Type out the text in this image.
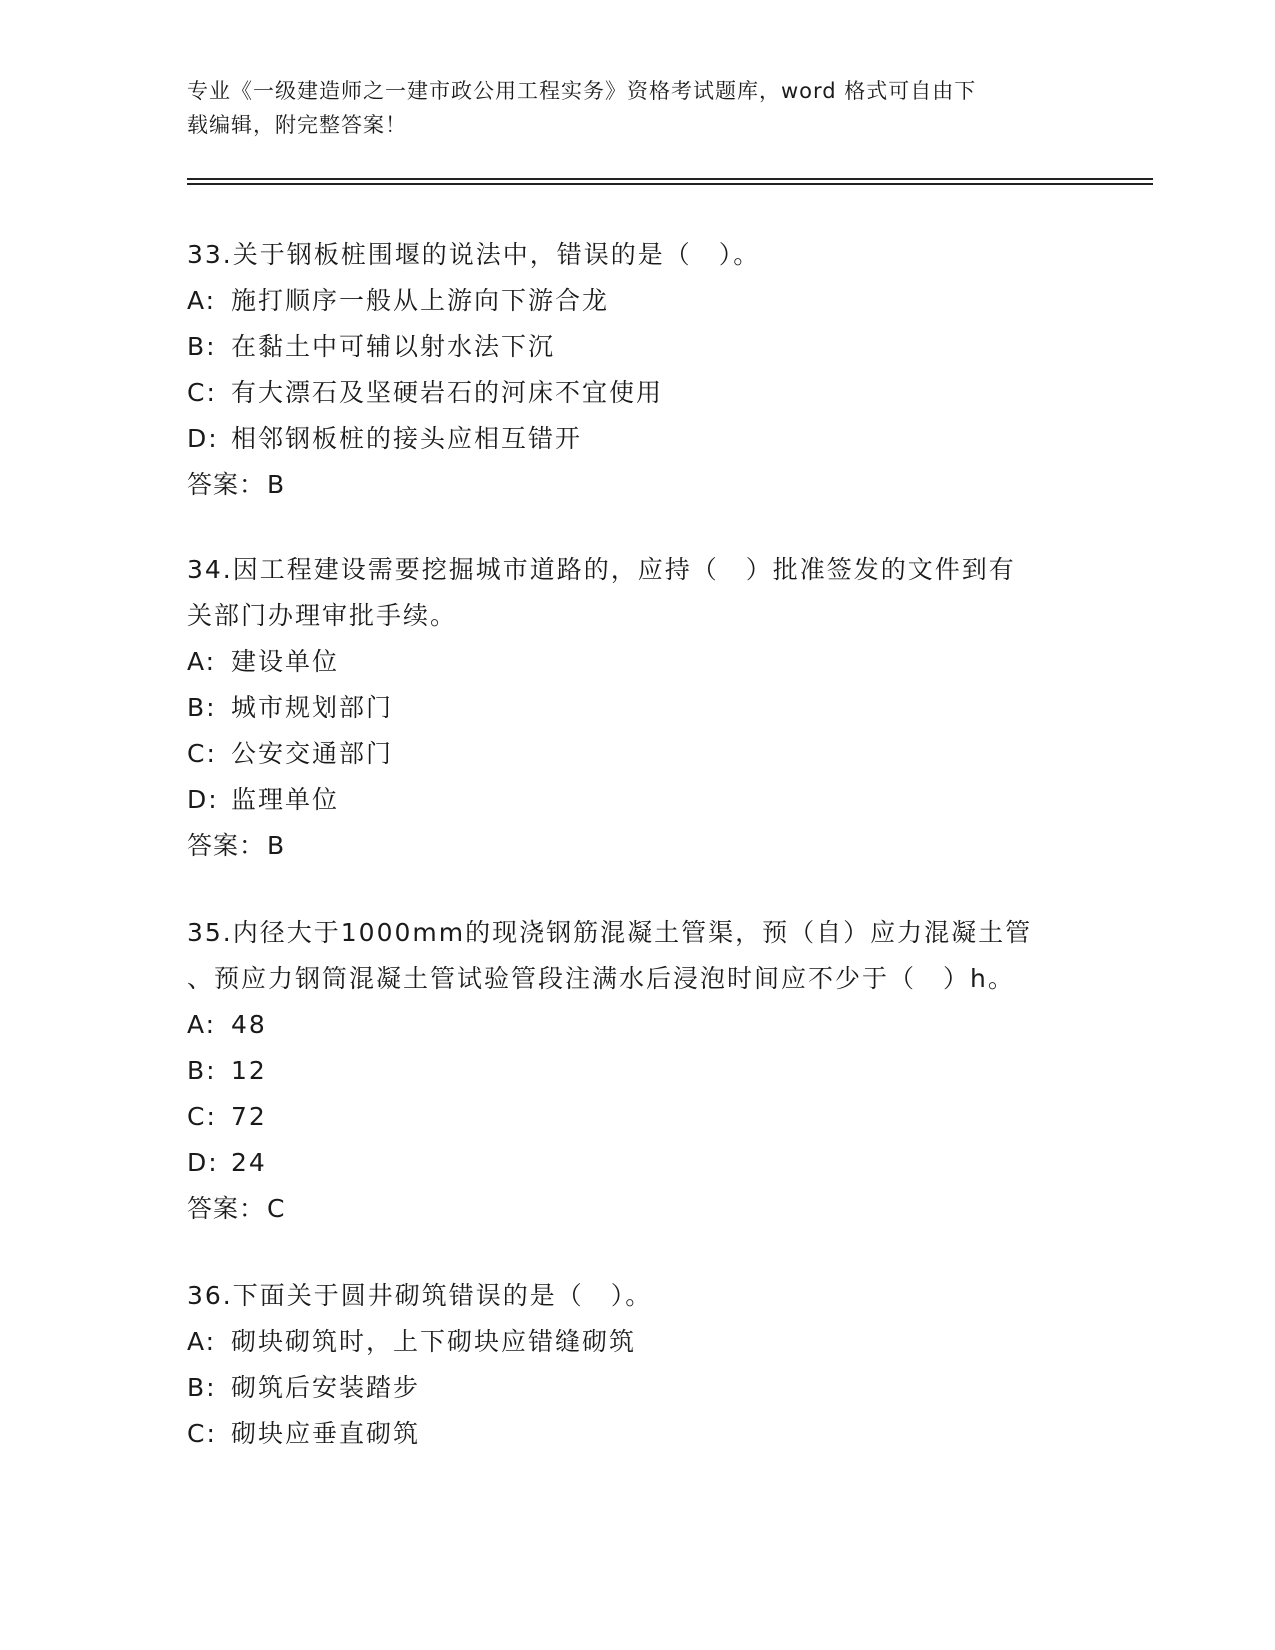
专业《一级建造师之一建市政公用工程实务》资格考试题库，word 格式可自由下
载编辑，附完整答案！

33.关于钢板桩围堰的说法中，错误的是（　）。

A: 施打顺序一般从上游向下游合龙

B: 在黏土中可辅以射水法下沉

C: 有大漂石及坚硬岩石的河床不宜使用

D: 相邻钢板桩的接头应相互错开

答案：B

34.因工程建设需要挖掘城市道路的，应持（　）批准签发的文件到有

关部门办理审批手续。

A: 建设单位

B: 城市规划部门

C: 公安交通部门

D: 监理单位

答案：B

35.内径大于1000mm的现浇钢筋混凝土管渠，预（自）应力混凝土管

、预应力钢筒混凝土管试验管段注满水后浸泡时间应不少于（　）h。

A: 48

B: 12

C: 72

D: 24

答案：C

36.下面关于圆井砌筑错误的是（　）。

A: 砌块砌筑时，上下砌块应错缝砌筑

B: 砌筑后安装踏步

C: 砌块应垂直砌筑
